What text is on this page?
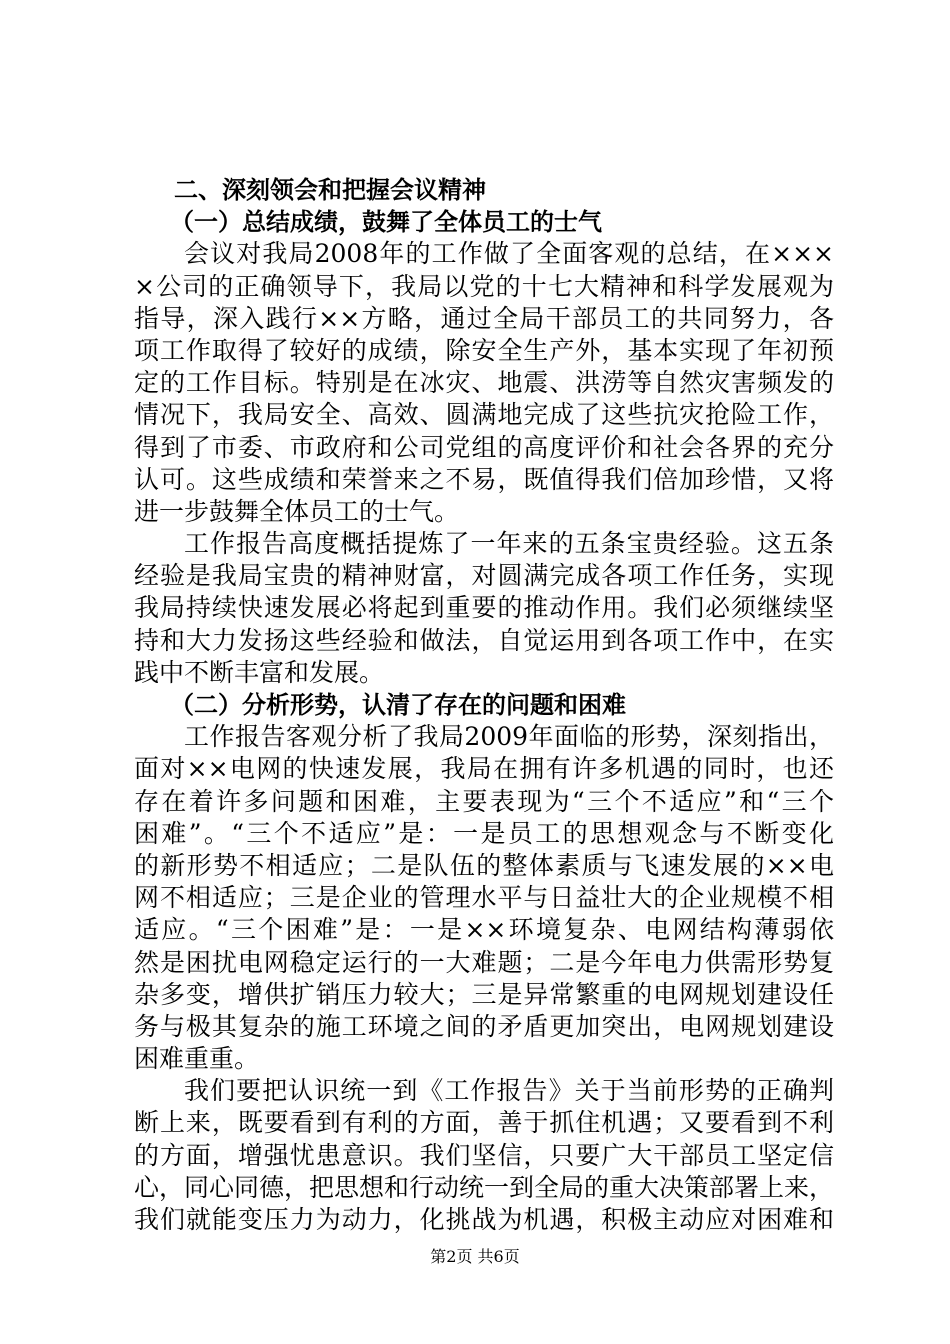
二、深刻领会和把握会议精神
（一）总结成绩，鼓舞了全体员工的士气
会议对我局2008年的工作做了全面客观的总结，在×××
×公司的正确领导下，我局以党的十七大精神和科学发展观为
指导，深入践行××方略，通过全局干部员工的共同努力，各
项工作取得了较好的成绩，除安全生产外，基本实现了年初预
定的工作目标。特别是在冰灾、地震、洪涝等自然灾害频发的
情况下，我局安全、高效、圆满地完成了这些抗灾抢险工作，
得到了市委、市政府和公司党组的高度评价和社会各界的充分
认可。这些成绩和荣誉来之不易，既值得我们倍加珍惜，又将
进一步鼓舞全体员工的士气。
工作报告高度概括提炼了一年来的五条宝贵经验。这五条
经验是我局宝贵的精神财富，对圆满完成各项工作任务，实现
我局持续快速发展必将起到重要的推动作用。我们必须继续坚
持和大力发扬这些经验和做法，自觉运用到各项工作中，在实
践中不断丰富和发展。
（二）分析形势，认清了存在的问题和困难
工作报告客观分析了我局2009年面临的形势，深刻指出，
面对××电网的快速发展，我局在拥有许多机遇的同时，也还
存在着许多问题和困难，主要表现为“三个不适应”和“三个
困难”。“三个不适应”是：一是员工的思想观念与不断变化
的新形势不相适应；二是队伍的整体素质与飞速发展的××电
网不相适应；三是企业的管理水平与日益壮大的企业规模不相
适应。“三个困难”是：一是××环境复杂、电网结构薄弱依
然是困扰电网稳定运行的一大难题；二是今年电力供需形势复
杂多变，增供扩销压力较大；三是异常繁重的电网规划建设任
务与极其复杂的施工环境之间的矛盾更加突出，电网规划建设
困难重重。
我们要把认识统一到《工作报告》关于当前形势的正确判
断上来，既要看到有利的方面，善于抓住机遇；又要看到不利
的方面，增强忧患意识。我们坚信，只要广大干部员工坚定信
心，同心同德，把思想和行动统一到全局的重大决策部署上来，
我们就能变压力为动力，化挑战为机遇，积极主动应对困难和
第2页 共6页
